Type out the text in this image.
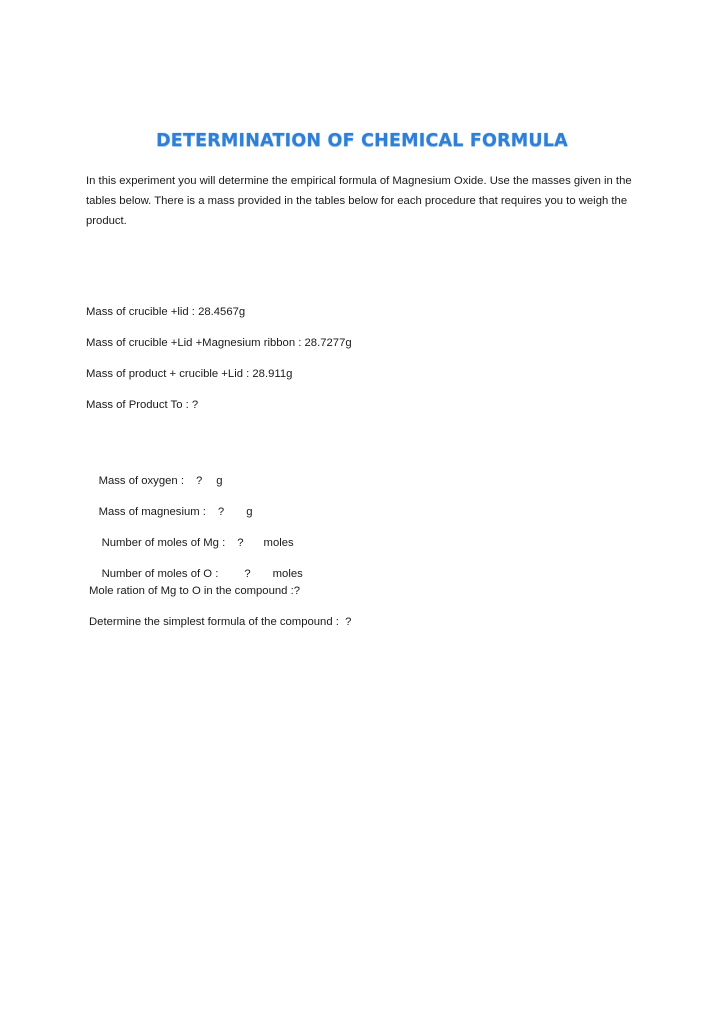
DETERMINATION OF CHEMICAL FORMULA

In this experiment you will determine the empirical formula of Magnesium Oxide. Use the masses given in the tables below. There is a mass provided in the tables below for each procedure that requires you to weigh the product.

Mass of crucible +lid : 28.4567g

Mass of crucible +Lid +Magnesium ribbon : 28.7277g

Mass of product + crucible +Lid : 28.911g

Mass of Product To : ?

Mass of oxygen : ? g

Mass of magnesium : ? g

Number of moles of Mg : ? moles

Number of moles of O : ? moles

Mole ration of Mg to O in the compound :?

Determine the simplest formula of the compound :  ?
